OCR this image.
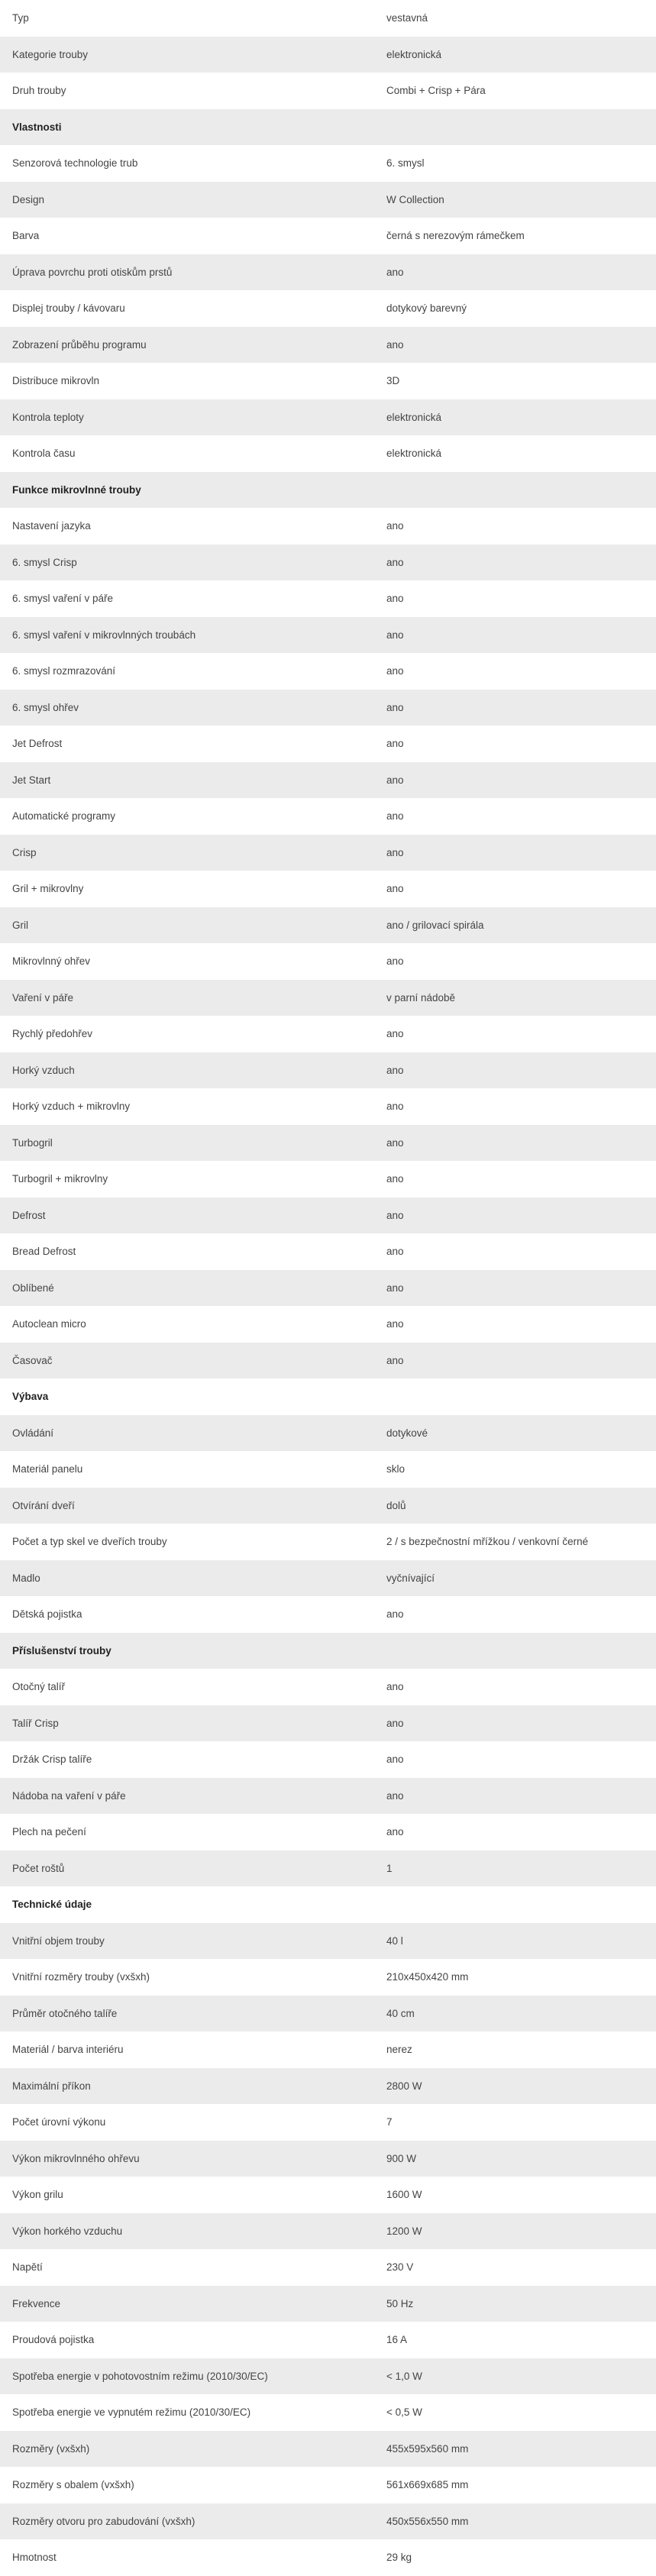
Typ	vestavná
Kategorie trouby	elektronická
Druh trouby	Combi + Crisp + Pára
Vlastnosti	
Senzorová technologie trub	6. smysl
Design	W Collection
Barva	černá s nerezovým rámečkem
Úprava povrchu proti otiskům prstů	ano
Displej trouby / kávovaru	dotykový barevný
Zobrazení průběhu programu	ano
Distribuce mikrovln	3D
Kontrola teploty	elektronická
Kontrola času	elektronická
Funkce mikrovlnné trouby	
Nastavení jazyka	ano
6. smysl Crisp	ano
6. smysl vaření v páře	ano
6. smysl vaření v mikrovlnných troubách	ano
6. smysl rozmrazování	ano
6. smysl ohřev	ano
Jet Defrost	ano
Jet Start	ano
Automatické programy	ano
Crisp	ano
Gril + mikrovlny	ano
Gril	ano / grilovací spirála
Mikrovlnný ohřev	ano
Vaření v páře	v parní nádobě
Rychlý předohřev	ano
Horký vzduch	ano
Horký vzduch + mikrovlny	ano
Turbogril	ano
Turbogril + mikrovlny	ano
Defrost	ano
Bread Defrost	ano
Oblíbené	ano
Autoclean micro	ano
Časovač	ano
Výbava	
Ovládání	dotykové
Materiál panelu	sklo
Otvírání dveří	dolů
Počet a typ skel ve dveřích trouby	2 / s bezpečnostní mřížkou / venkovní černé
Madlo	vyčnívající
Dětská pojistka	ano
Příslušenství trouby	
Otočný talíř	ano
Talíř Crisp	ano
Držák Crisp talíře	ano
Nádoba na vaření v páře	ano
Plech na pečení	ano
Počet roštů	1
Technické údaje	
Vnitřní objem trouby	40 l
Vnitřní rozměry trouby (vxšxh)	210x450x420 mm
Průměr otočného talíře	40 cm
Materiál / barva interiéru	nerez
Maximální příkon	2800 W
Počet úrovní výkonu	7
Výkon mikrovlnného ohřevu	900 W
Výkon grilu	1600 W
Výkon horkého vzduchu	1200 W
Napětí	230 V
Frekvence	50 Hz
Proudová pojistka	16 A
Spotřeba energie v pohotovostním režimu (2010/30/EC)	< 1,0 W
Spotřeba energie ve vypnutém režimu (2010/30/EC)	< 0,5 W
Rozměry (vxšxh)	455x595x560 mm
Rozměry s obalem (vxšxh)	561x669x685 mm
Rozměry otvoru pro zabudování (vxšxh)	450x556x550 mm
Hmotnost	29 kg
